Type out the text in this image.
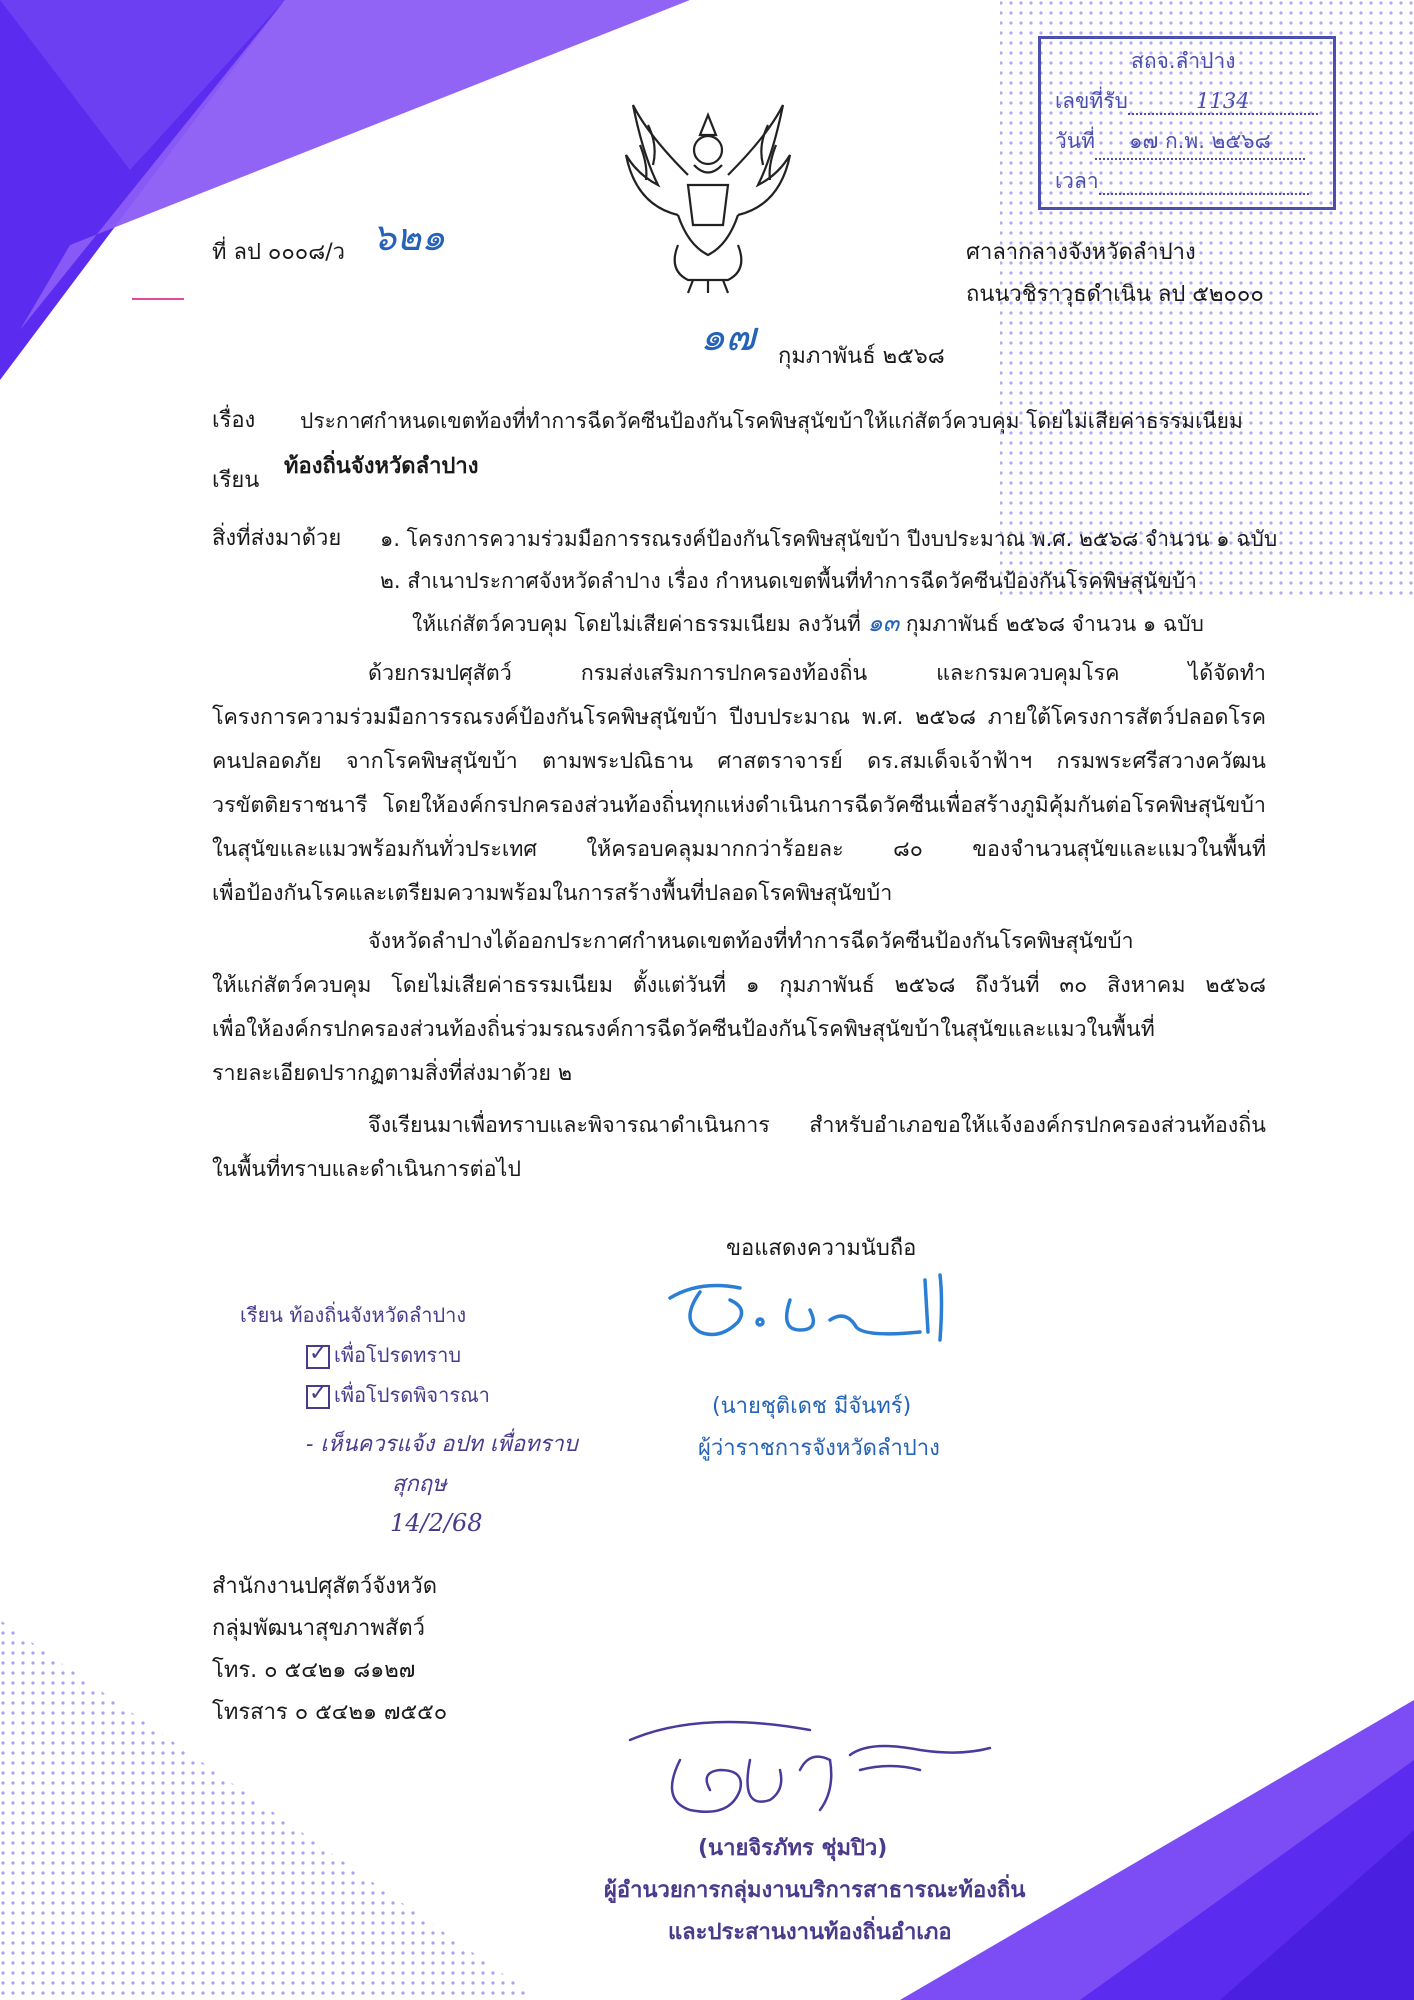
สถจ.ลำปาง
เลขที่รับ	1134
วันที่ ๑๗ ก.พ. ๒๕๖๘
เวลา
ที่ ลป ๐๐๐๘/ว ๖๒๑	ศาลากลางจังหวัดลำปาง
ถนนวชิราวุธดำเนิน ลป ๕๒๐๐๐
๑๗ กุมภาพันธ์ ๒๕๖๘
เรื่อง ประกาศกำหนดเขตท้องที่ทำการฉีดวัคซีนป้องกันโรคพิษสุนัขบ้าให้แก่สัตว์ควบคุม โดยไม่เสียค่าธรรมเนียม
เรียน
ท้องถิ่นจังหวัดลำปาง
สิ่งที่ส่งมาด้วย ๑. โครงการความร่วมมือการรณรงค์ป้องกันโรคพิษสุนัขบ้า ปีงบประมาณ พ.ศ. ๒๕๖๘ จำนวน ๑ ฉบับ
๒. สำเนาประกาศจังหวัดลำปาง เรื่อง กำหนดเขตพื้นที่ทำการฉีดวัคซีนป้องกันโรคพิษสุนัขบ้า
ให้แก่สัตว์ควบคุม โดยไม่เสียค่าธรรมเนียม ลงวันที่ ๑๓ กุมภาพันธ์ ๒๕๖๘ จำนวน ๑ ฉบับ
ด้วยกรมปศุสัตว์ กรมส่งเสริมการปกครองท้องถิ่น และกรมควบคุมโรค ได้จัดทำ
โครงการความร่วมมือการรณรงค์ป้องกันโรคพิษสุนัขบ้า ปีงบประมาณ พ.ศ. ๒๕๖๘ ภายใต้โครงการสัตว์ปลอดโรค
คนปลอดภัย จากโรคพิษสุนัขบ้า ตามพระปณิธาน ศาสตราจารย์ ดร.สมเด็จเจ้าฟ้าฯ กรมพระศรีสวางควัฒน
วรขัตติยราชนารี โดยให้องค์กรปกครองส่วนท้องถิ่นทุกแห่งดำเนินการฉีดวัคซีนเพื่อสร้างภูมิคุ้มกันต่อโรคพิษสุนัขบ้า
ในสุนัขและแมวพร้อมกันทั่วประเทศ ให้ครอบคลุมมากกว่าร้อยละ ๘๐ ของจำนวนสุนัขและแมวในพื้นที่
เพื่อป้องกันโรคและเตรียมความพร้อมในการสร้างพื้นที่ปลอดโรคพิษสุนัขบ้า
จังหวัดลำปางได้ออกประกาศกำหนดเขตท้องที่ทำการฉีดวัคซีนป้องกันโรคพิษสุนัขบ้า
ให้แก่สัตว์ควบคุม โดยไม่เสียค่าธรรมเนียม ตั้งแต่วันที่ ๑ กุมภาพันธ์ ๒๕๖๘ ถึงวันที่ ๓๐ สิงหาคม ๒๕๖๘
เพื่อให้องค์กรปกครองส่วนท้องถิ่นร่วมรณรงค์การฉีดวัคซีนป้องกันโรคพิษสุนัขบ้าในสุนัขและแมวในพื้นที่
รายละเอียดปรากฏตามสิ่งที่ส่งมาด้วย ๒
จึงเรียนมาเพื่อทราบและพิจารณาดำเนินการ สำหรับอำเภอขอให้แจ้งองค์กรปกครองส่วนท้องถิ่น
ในพื้นที่ทราบและดำเนินการต่อไป
ขอแสดงความนับถือ
(นายชุติเดช มีจันทร์)
ผู้ว่าราชการจังหวัดลำปาง
เรียน ท้องถิ่นจังหวัดลำปาง
✓เพื่อโปรดทราบ
✓เพื่อโปรดพิจารณา
- เห็นควรแจ้ง อปท เพื่อทราบ
สุกฤษ
14/2/68
สำนักงานปศุสัตว์จังหวัด
กลุ่มพัฒนาสุขภาพสัตว์
โทร. ๐ ๕๔๒๑ ๘๑๒๗
โทรสาร ๐ ๕๔๒๑ ๗๕๕๐
(นายจิรภัทร ชุ่มปิว)
ผู้อำนวยการกลุ่มงานบริการสาธารณะท้องถิ่น
และประสานงานท้องถิ่นอำเภอ
